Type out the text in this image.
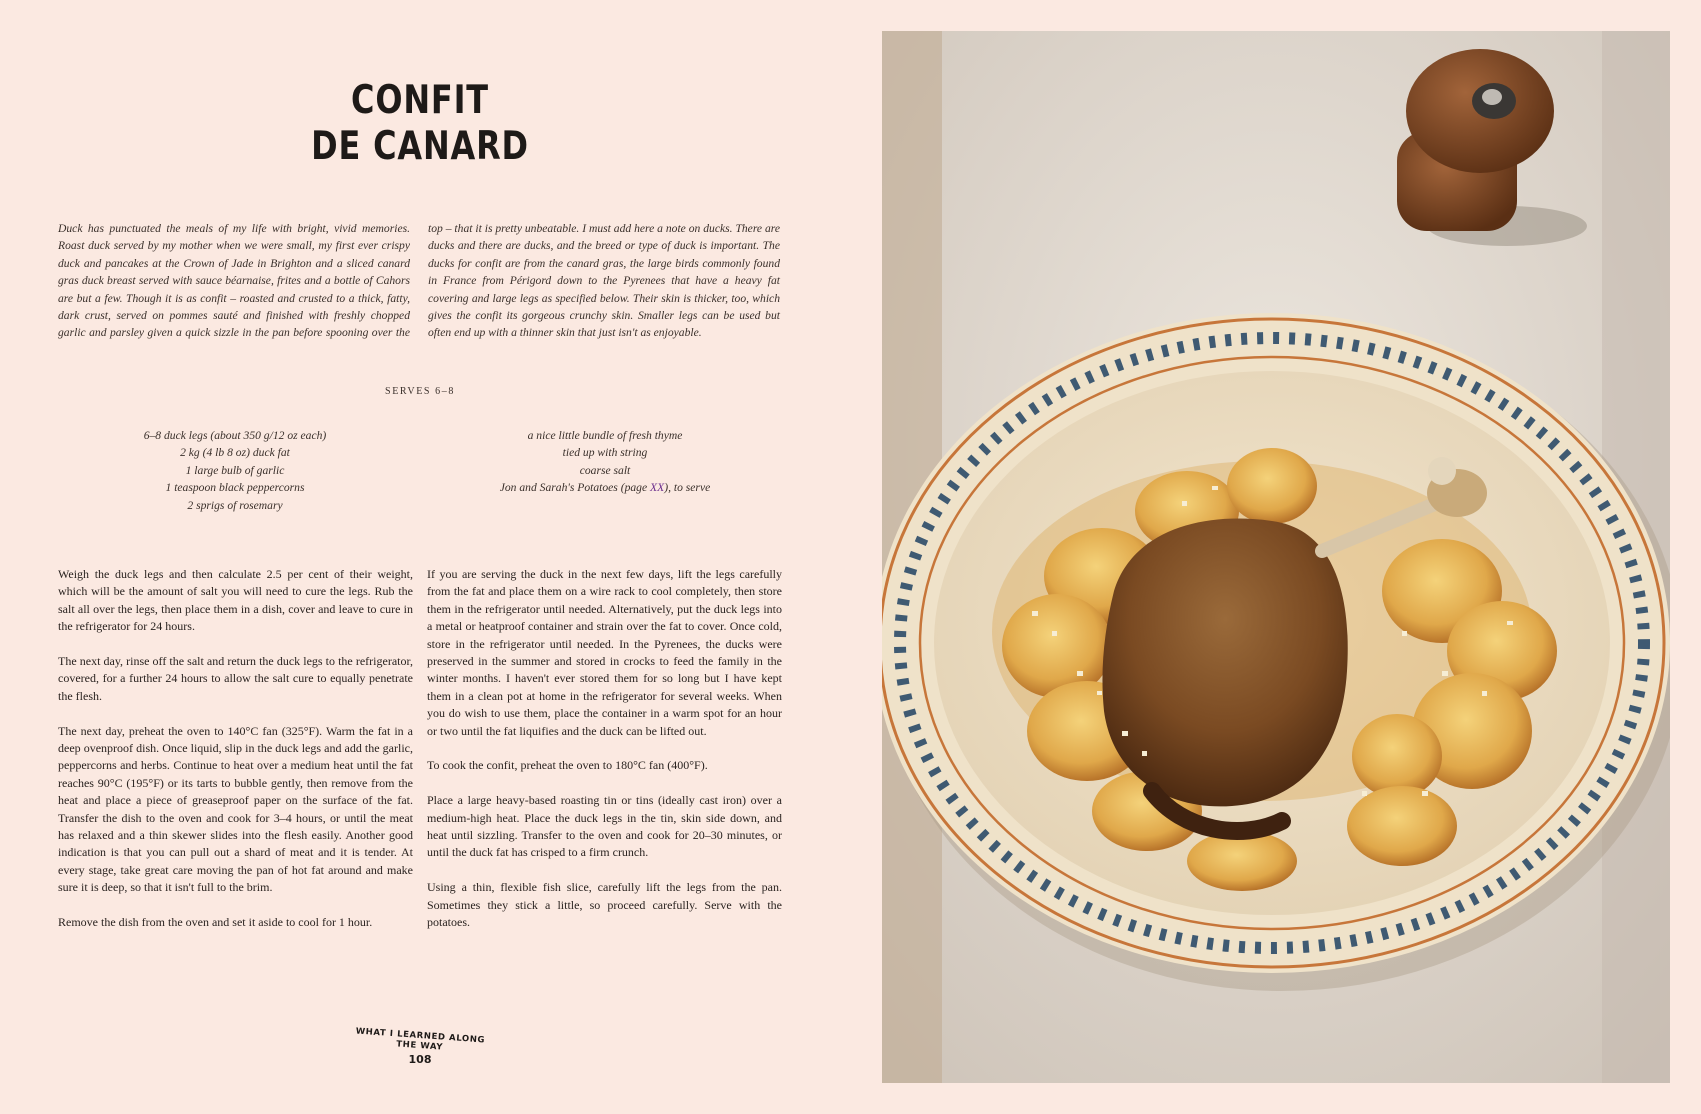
CONFIT
DE CANARD
Duck has punctuated the meals of my life with bright, vivid memories. Roast duck served by my mother when we were small, my first ever crispy duck and pancakes at the Crown of Jade in Brighton and a sliced canard gras duck breast served with sauce béarnaise, frites and a bottle of Cahors are but a few. Though it is as confit – roasted and crusted to a thick, fatty, dark crust, served on pommes sauté and finished with freshly chopped garlic and parsley given a quick sizzle in the pan before spooning over the top – that it is pretty unbeatable. I must add here a note on ducks. There are ducks and there are ducks, and the breed or type of duck is important. The ducks for confit are from the canard gras, the large birds commonly found in France from Périgord down to the Pyrenees that have a heavy fat covering and large legs as specified below. Their skin is thicker, too, which gives the confit its gorgeous crunchy skin. Smaller legs can be used but often end up with a thinner skin that just isn't as enjoyable.
SERVES 6–8
6–8 duck legs (about 350 g/12 oz each)
2 kg (4 lb 8 oz) duck fat
1 large bulb of garlic
1 teaspoon black peppercorns
2 sprigs of rosemary
a nice little bundle of fresh thyme
tied up with string
coarse salt
Jon and Sarah's Potatoes (page XX), to serve

Weigh the duck legs and then calculate 2.5 per cent of their weight, which will be the amount of salt you will need to cure the legs. Rub the salt all over the legs, then place them in a dish, cover and leave to cure in the refrigerator for 24 hours.

The next day, rinse off the salt and return the duck legs to the refrigerator, covered, for a further 24 hours to allow the salt cure to equally penetrate the flesh.

The next day, preheat the oven to 140°C fan (325°F). Warm the fat in a deep ovenproof dish. Once liquid, slip in the duck legs and add the garlic, peppercorns and herbs. Continue to heat over a medium heat until the fat reaches 90°C (195°F) or its tarts to bubble gently, then remove from the heat and place a piece of greaseproof paper on the surface of the fat. Transfer the dish to the oven and cook for 3–4 hours, or until the meat has relaxed and a thin skewer slides into the flesh easily. Another good indication is that you can pull out a shard of meat and it is tender. At every stage, take great care moving the pan of hot fat around and make sure it is deep, so that it isn't full to the brim.

Remove the dish from the oven and set it aside to cool for 1 hour.

If you are serving the duck in the next few days, lift the legs carefully from the fat and place them on a wire rack to cool completely, then store them in the refrigerator until needed. Alternatively, put the duck legs into a metal or heatproof container and strain over the fat to cover. Once cold, store in the refrigerator until needed. In the Pyrenees, the ducks were preserved in the summer and stored in crocks to feed the family in the winter months. I haven't ever stored them for so long but I have kept them in a clean pot at home in the refrigerator for several weeks. When you do wish to use them, place the container in a warm spot for an hour or two until the fat liquifies and the duck can be lifted out.

To cook the confit, preheat the oven to 180°C fan (400°F).

Place a large heavy-based roasting tin or tins (ideally cast iron) over a medium-high heat. Place the duck legs in the tin, skin side down, and heat until sizzling. Transfer to the oven and cook for 20–30 minutes, or until the duck fat has crisped to a firm crunch.

Using a thin, flexible fish slice, carefully lift the legs from the pan. Sometimes they stick a little, so proceed carefully. Serve with the potatoes.

WHAT I LEARNED ALONG THE WAY
108
